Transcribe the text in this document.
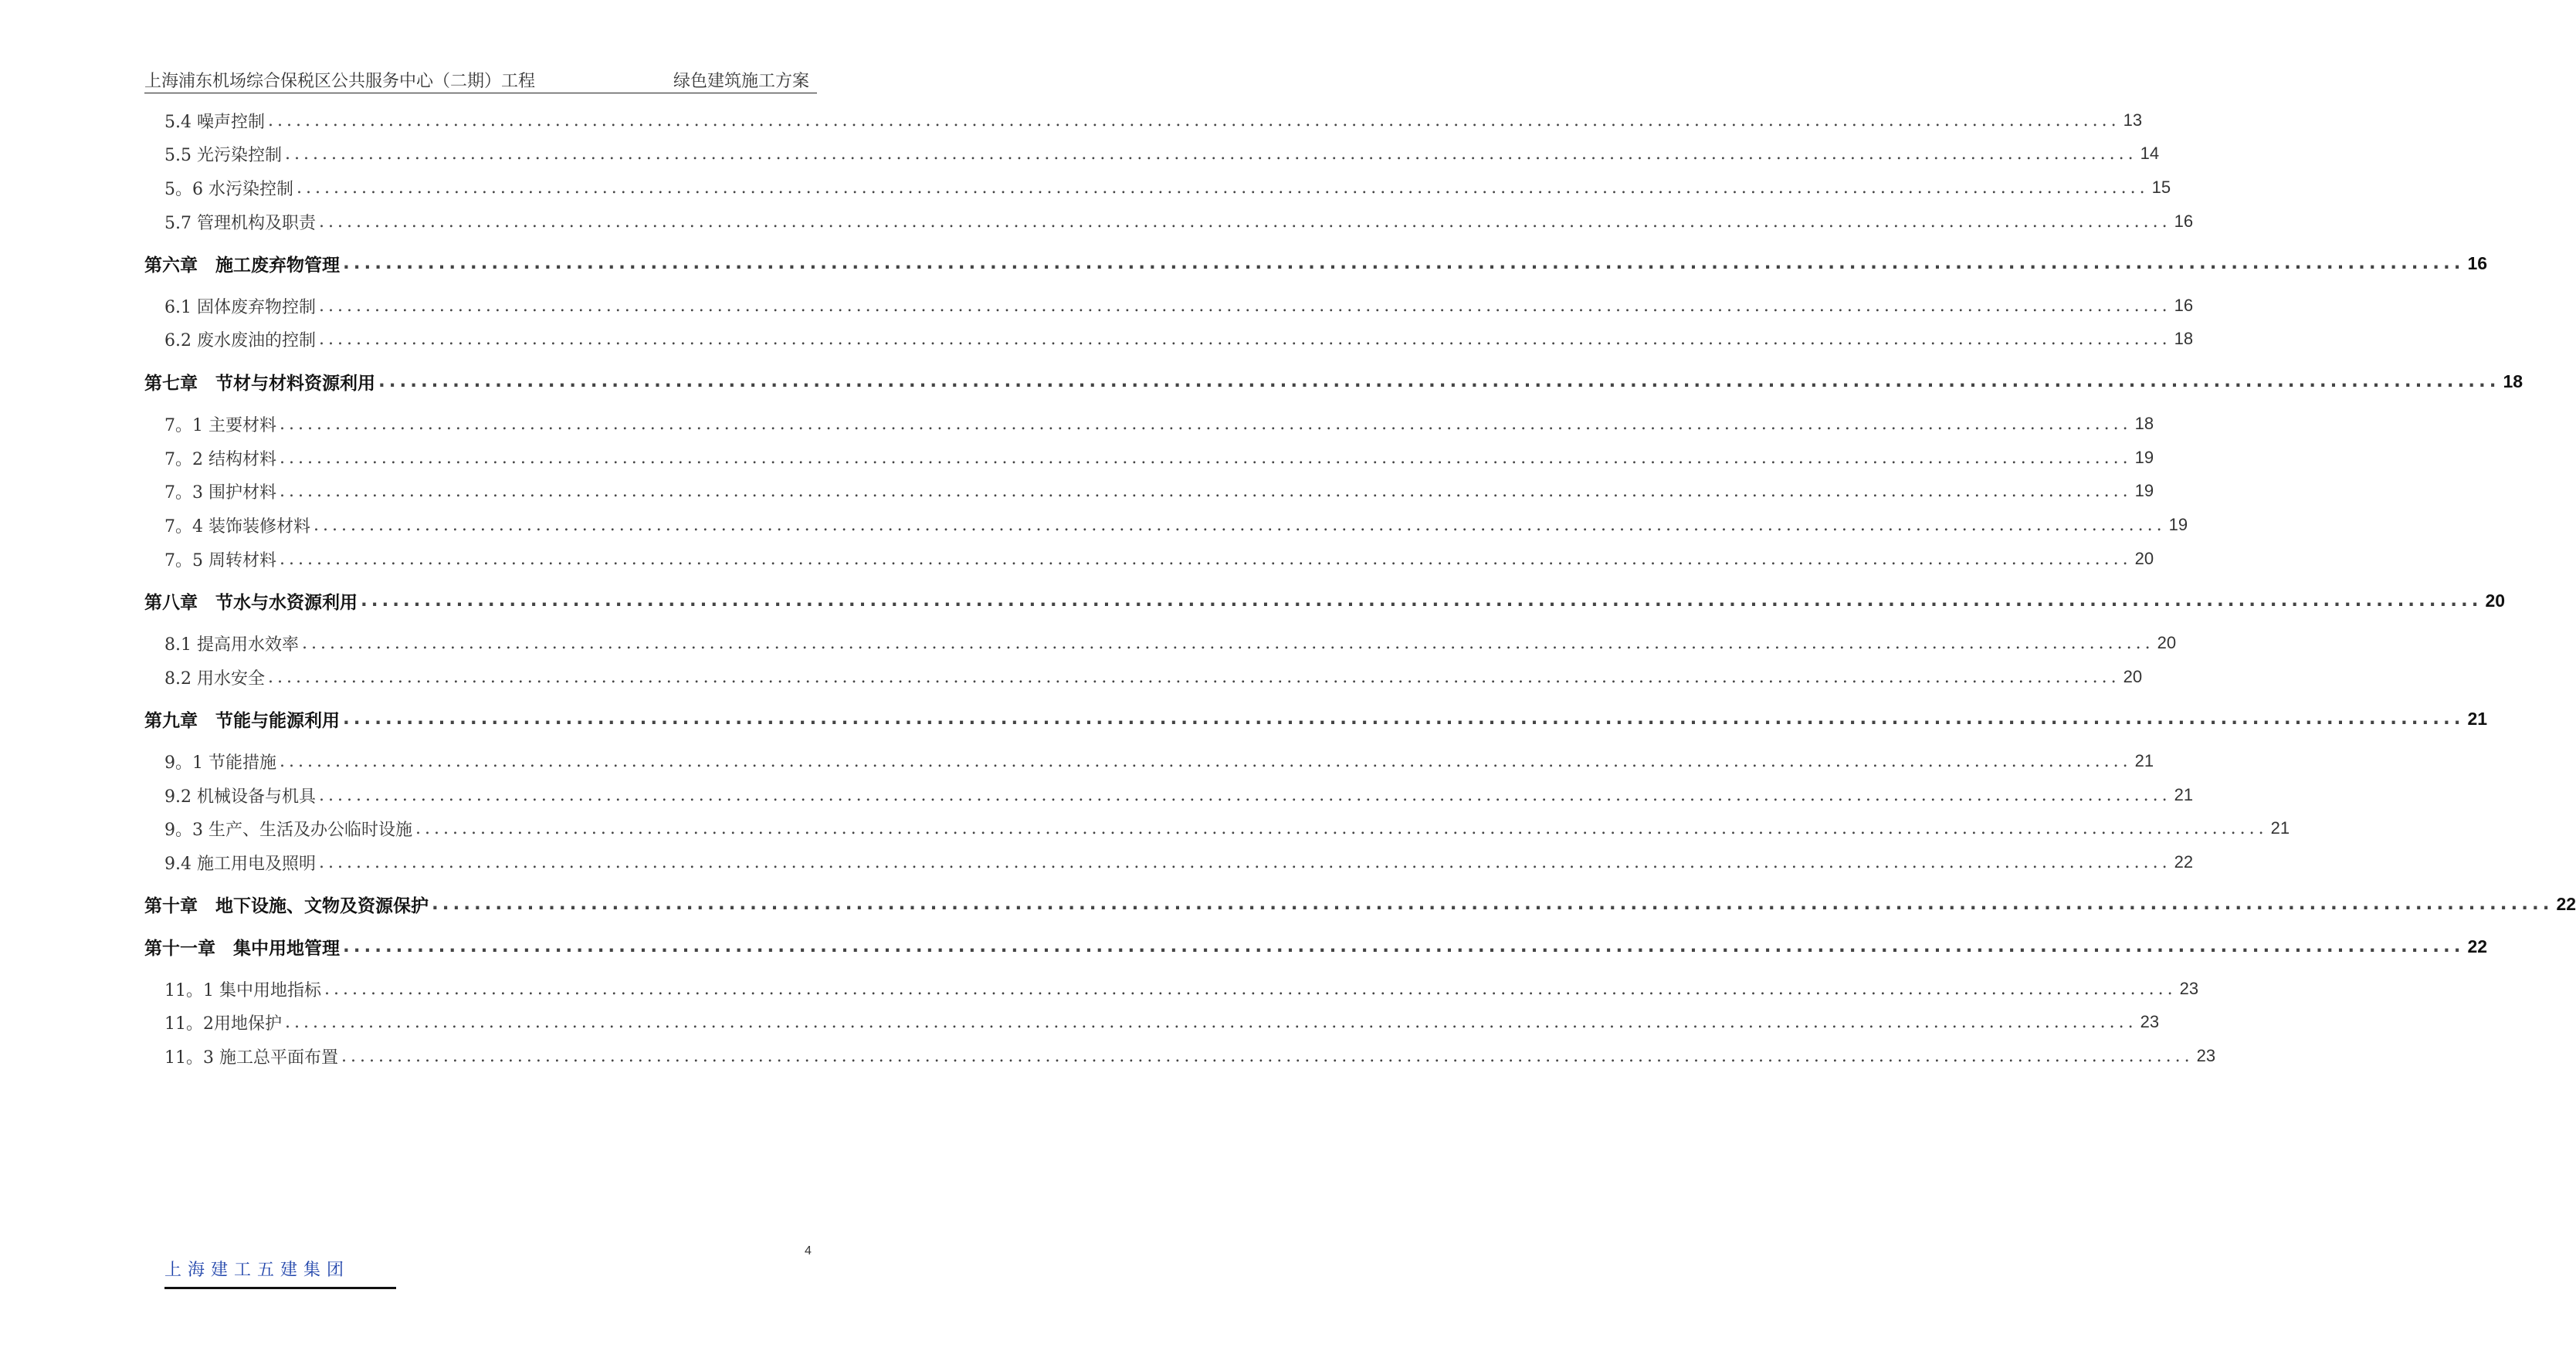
上海浦东机场综合保税区公共服务中心（二期）工程	绿色建筑施工方案
5.4 噪声控制 ........................................................................................................................................................................................................ 13
5.5 光污染控制 ........................................................................................................................................................................................................ 14
5。6 水污染控制 ........................................................................................................................................................................................................ 15
5.7 管理机构及职责 ........................................................................................................................................................................................................ 16
第六章　施工废弃物管理 ........................................................................................................................................................................................................ 16
6.1 固体废弃物控制 ........................................................................................................................................................................................................ 16
6.2 废水废油的控制 ........................................................................................................................................................................................................ 18
第七章　节材与材料资源利用 ........................................................................................................................................................................................................ 18
7。1 主要材料 ........................................................................................................................................................................................................ 18
7。2 结构材料 ........................................................................................................................................................................................................ 19
7。3 围护材料 ........................................................................................................................................................................................................ 19
7。4 装饰装修材料 ........................................................................................................................................................................................................ 19
7。5 周转材料 ........................................................................................................................................................................................................ 20
第八章　节水与水资源利用 ........................................................................................................................................................................................................ 20
8.1 提高用水效率 ........................................................................................................................................................................................................ 20
8.2 用水安全 ........................................................................................................................................................................................................ 20
第九章　节能与能源利用 ........................................................................................................................................................................................................ 21
9。1 节能措施 ........................................................................................................................................................................................................ 21
9.2 机械设备与机具 ........................................................................................................................................................................................................ 21
9。3 生产、生活及办公临时设施 ........................................................................................................................................................................................................ 21
9.4 施工用电及照明 ........................................................................................................................................................................................................ 22
第十章　地下设施、文物及资源保护 ........................................................................................................................................................................................................ 22
第十一章　集中用地管理 ........................................................................................................................................................................................................ 22
11。1 集中用地指标 ........................................................................................................................................................................................................ 23
11。2用地保护 ........................................................................................................................................................................................................ 23
11。3 施工总平面布置 ........................................................................................................................................................................................................ 23
4
上海建工五建集团
